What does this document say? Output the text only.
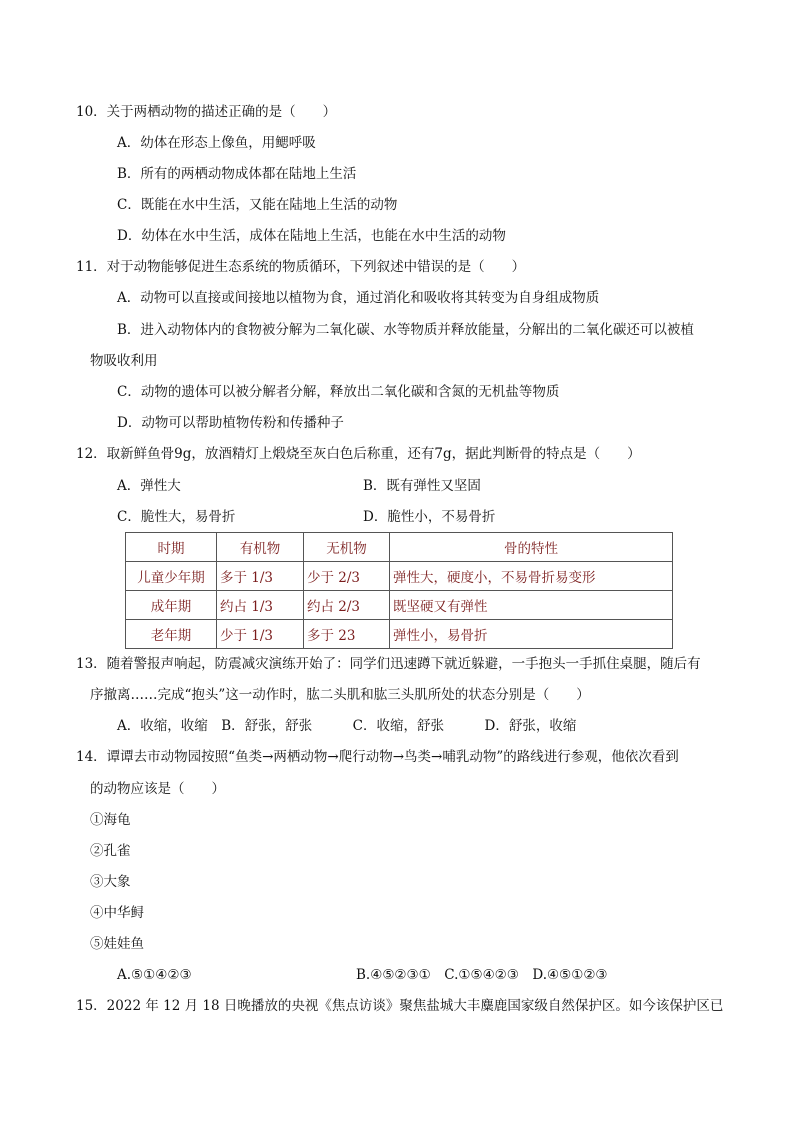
10．关于两栖动物的描述正确的是（　　）
A．幼体在形态上像鱼，用鳃呼吸
B．所有的两栖动物成体都在陆地上生活
C．既能在水中生活，又能在陆地上生活的动物
D．幼体在水中生活，成体在陆地上生活，也能在水中生活的动物
11．对于动物能够促进生态系统的物质循环，下列叙述中错误的是（　　）
A．动物可以直接或间接地以植物为食，通过消化和吸收将其转变为自身组成物质
B．进入动物体内的食物被分解为二氧化碳、水等物质并释放能量，分解出的二氧化碳还可以被植
物吸收利用
C．动物的遗体可以被分解者分解，释放出二氧化碳和含氮的无机盐等物质
D．动物可以帮助植物传粉和传播种子
12．取新鲜鱼骨9g，放酒精灯上煅烧至灰白色后称重，还有7g，据此判断骨的特点是（　　）
A．弹性大	B．既有弹性又坚固
C．脆性大，易骨折	D．脆性小，不易骨折
时期	有机物	无机物	骨的特性
儿童少年期	多于 1/3	少于 2/3	弹性大，硬度小，不易骨折易变形
成年期	约占 1/3	约占 2/3	既坚硬又有弹性
老年期	少于 1/3	多于 23	弹性小，易骨折
13．随着警报声响起，防震减灾演练开始了：同学们迅速蹲下就近躲避，一手抱头一手抓住桌腿，随后有
序撤离……完成“抱头”这一动作时，肱二头肌和肱三头肌所处的状态分别是（　　）
A．收缩，收缩　B．舒张，舒张　　　C．收缩，舒张　　　D．舒张，收缩
14．谭谭去市动物园按照“鱼类→两栖动物→爬行动物→鸟类→哺乳动物”的路线进行参观，他依次看到
的动物应该是（　　）
①海龟
②孔雀
③大象
④中华鲟
⑤娃娃鱼
A.⑤①④②③	B.④⑤②③①　C.①⑤④②③　D.④⑤①②③
15．2022 年 12 月 18 日晚播放的央视《焦点访谈》聚焦盐城大丰麋鹿国家级自然保护区。如今该保护区已
